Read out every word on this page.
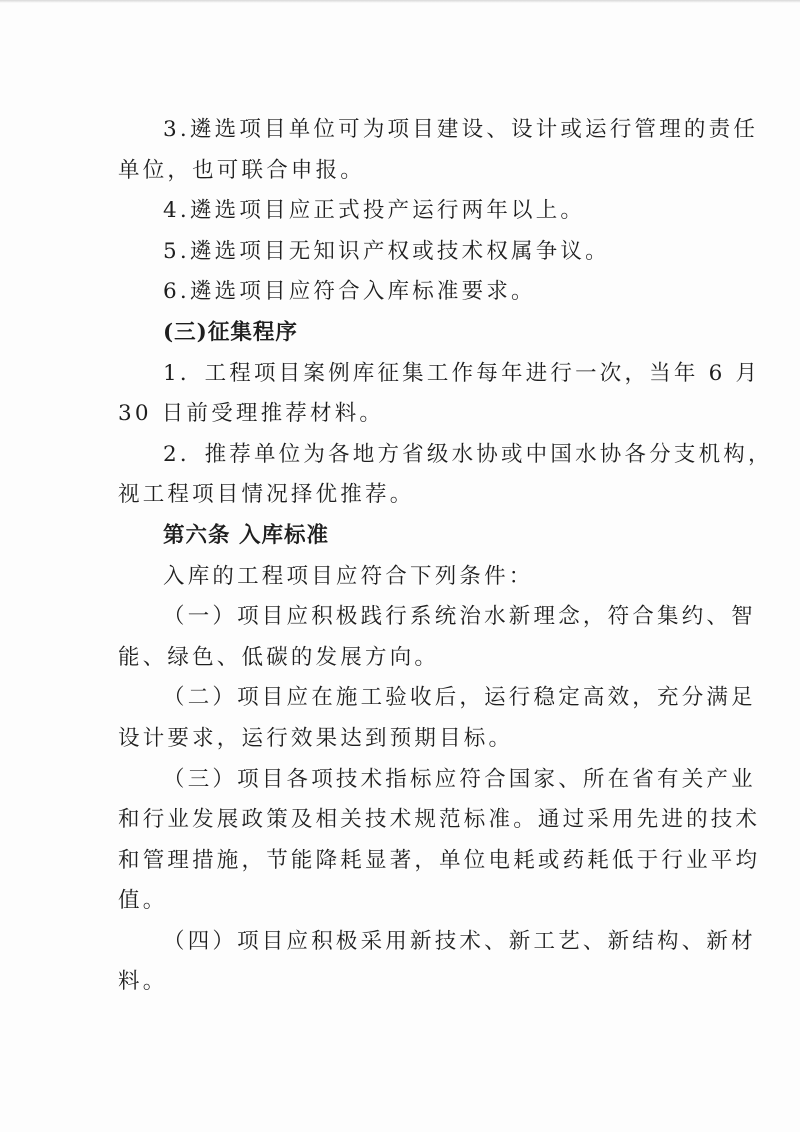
3.遴选项目单位可为项目建设、设计或运行管理的责任
单位，也可联合申报。
4.遴选项目应正式投产运行两年以上。
5.遴选项目无知识产权或技术权属争议。
6.遴选项目应符合入库标准要求。
(三)征集程序
1．工程项目案例库征集工作每年进行一次，当年 6 月
30 日前受理推荐材料。
2．推荐单位为各地方省级水协或中国水协各分支机构，
视工程项目情况择优推荐。
第六条 入库标准
入库的工程项目应符合下列条件：
（一）项目应积极践行系统治水新理念，符合集约、智
能、绿色、低碳的发展方向。
（二）项目应在施工验收后，运行稳定高效，充分满足
设计要求，运行效果达到预期目标。
（三）项目各项技术指标应符合国家、所在省有关产业
和行业发展政策及相关技术规范标准。通过采用先进的技术
和管理措施，节能降耗显著，单位电耗或药耗低于行业平均
值。
（四）项目应积极采用新技术、新工艺、新结构、新材
料。
